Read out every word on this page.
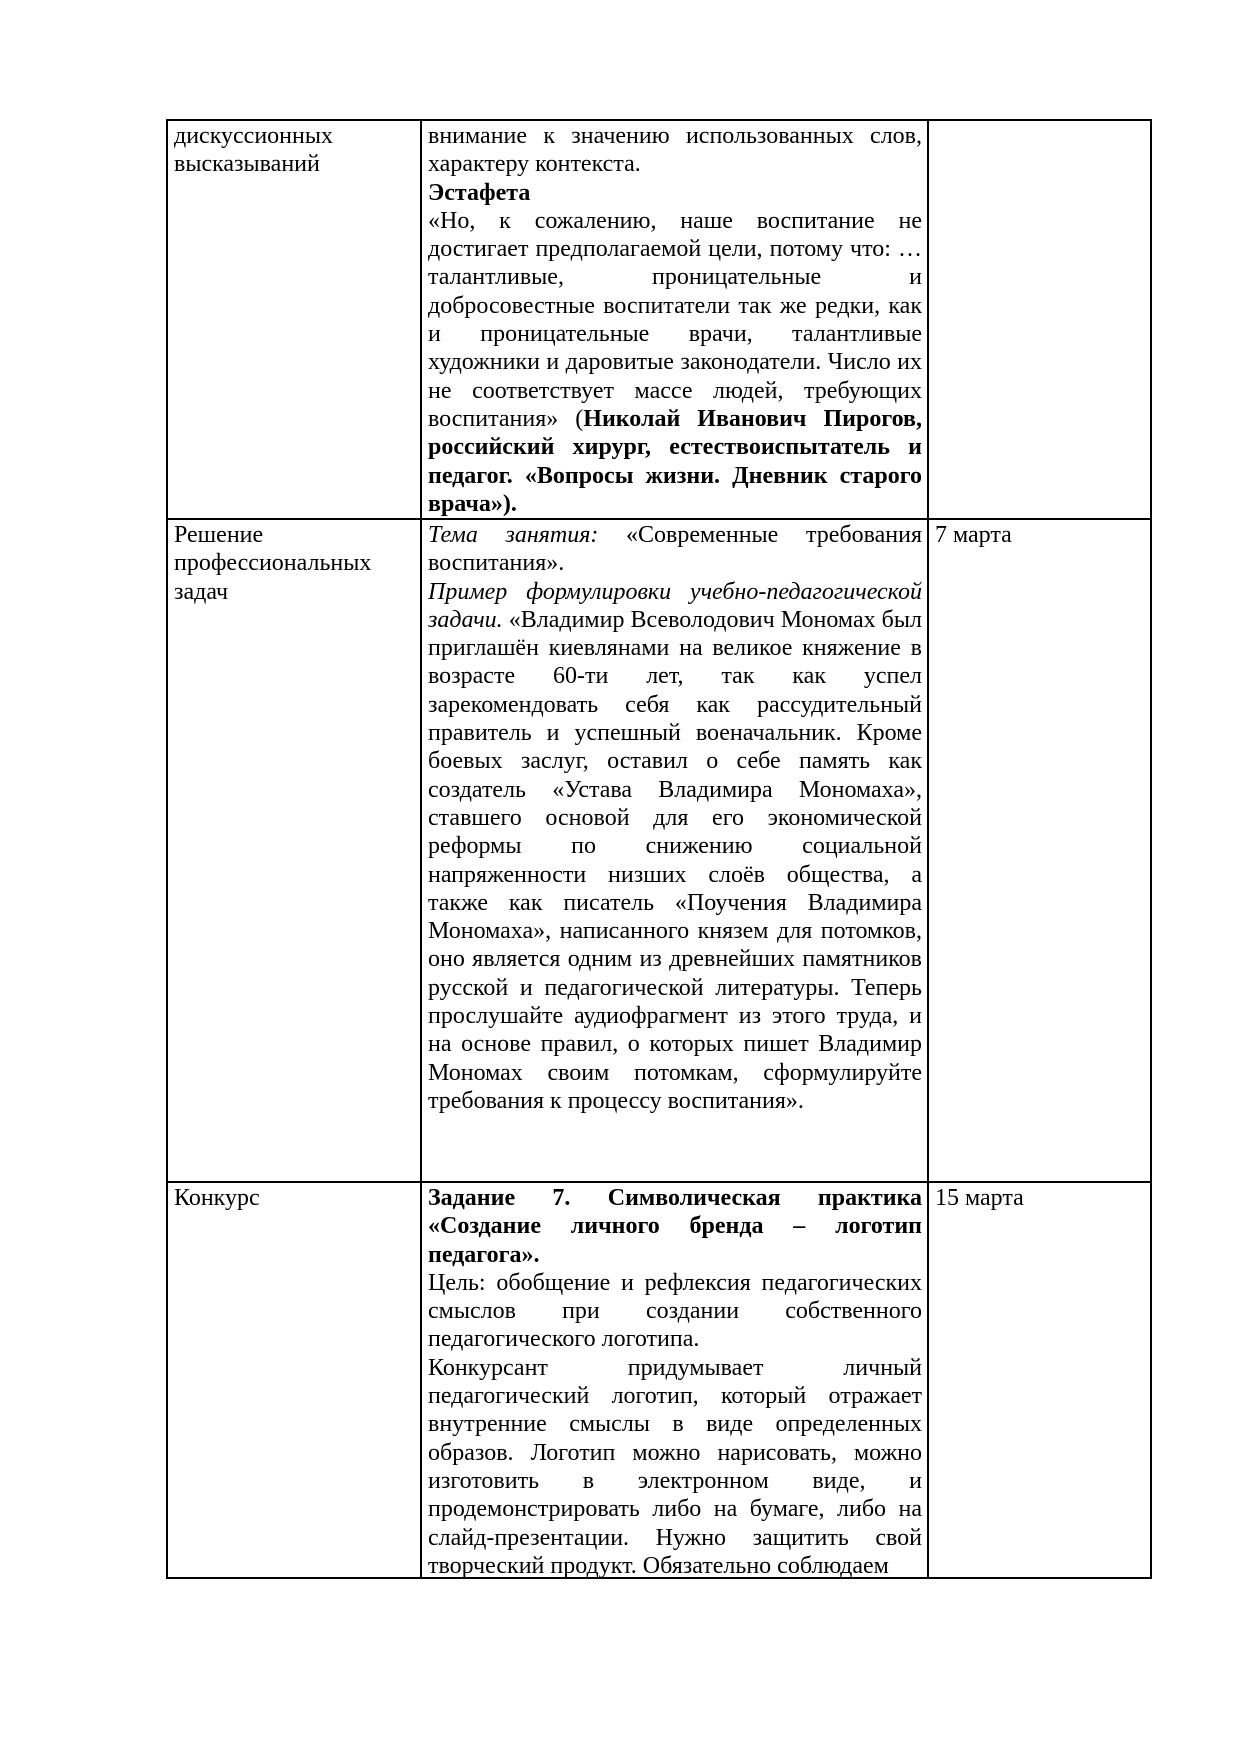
дискуссионных высказываний	внимание к значению использованных слов, характеру контекста.

Эстафета

«Но, к сожалению, наше воспитание не достигает предполагаемой цели, потому что: …талантливые, проницательные и добросовестные воспитатели так же редки, как и проницательные врачи, талантливые художники и даровитые законодатели. Число их не соответствует массе людей, требующих воспитания» (Николай Иванович Пирогов, российский хирург, естествоиспытатель и педагог. «Вопросы жизни. Дневник старого врача»).	

Решение профессиональных задач	Тема занятия: «Современные требования воспитания».

Пример формулировки учебно-педагогической задачи. «Владимир Всеволодович Мономах был приглашён киевлянами на великое княжение в возрасте 60-ти лет, так как успел зарекомендовать себя как рассудительный правитель и успешный военачальник. Кроме боевых заслуг, оставил о себе память как создатель «Устава Владимира Мономаха», ставшего основой для его экономической реформы по снижению социальной напряженности низших слоёв общества, а также как писатель «Поучения Владимира Мономаха», написанного князем для потомков, оно является одним из древнейших памятников русской и педагогической литературы. Теперь прослушайте аудиофрагмент из этого труда, и на основе правил, о которых пишет Владимир Мономах своим потомкам, сформулируйте требования к процессу воспитания».	7 марта

Конкурс	Задание 7. Символическая практика «Создание личного бренда – логотип педагога».

Цель: обобщение и рефлексия педагогических смыслов при создании собственного педагогического логотипа.

Конкурсант придумывает личный педагогический логотип, который отражает внутренние смыслы в виде определенных образов. Логотип можно нарисовать, можно изготовить в электронном виде, и продемонстрировать либо на бумаге, либо на слайд-презентации. Нужно защитить свой творческий продукт. Обязательно соблюдаем	15 марта
